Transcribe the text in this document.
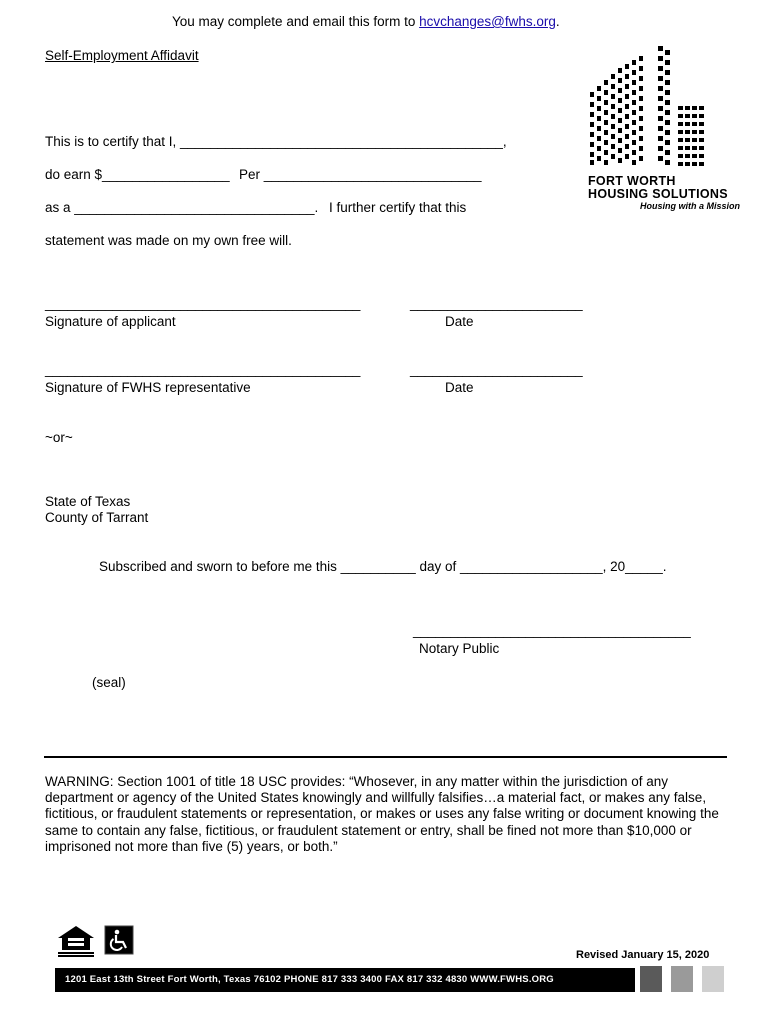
You may complete and email this form to hcvchanges@fwhs.org.
Self-Employment Affidavit
FORT WORTH
HOUSING SOLUTIONS
Housing with a Mission
This is to certify that I, ___________________________________________,
do earn $_________________ Per _____________________________
as a ________________________________. I further certify that this
statement was made on my own free will.
__________________________________________	_______________________
Signature of applicant	Date
__________________________________________	_______________________
Signature of FWHS representative	Date
~or~
State of Texas
County of Tarrant
Subscribed and sworn to before me this __________ day of ___________________, 20_____.
_____________________________________
Notary Public
(seal)
WARNING: Section 1001 of title 18 USC provides: “Whosever, in any matter within the jurisdiction of any department or agency of the United States knowingly and willfully falsifies…a material fact, or makes any false, fictitious, or fraudulent statements or representation, or makes or uses any false writing or document knowing the same to contain any false, fictitious, or fraudulent statement or entry, shall be fined not more than $10,000 or imprisoned not more than five (5) years, or both.”
Revised January 15, 2020
1201 East 13th Street Fort Worth, Texas 76102 PHONE 817 333 3400 FAX 817 332 4830 WWW.FWHS.ORG
